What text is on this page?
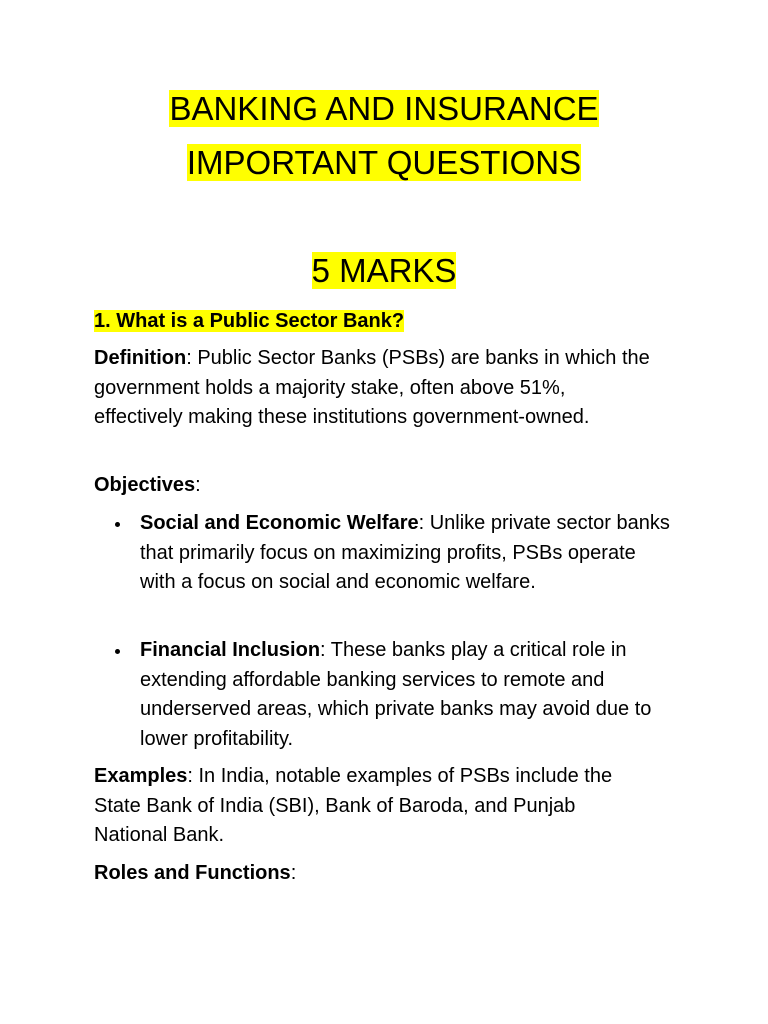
BANKING AND INSURANCE
IMPORTANT QUESTIONS
5 MARKS
1. What is a Public Sector Bank?
Definition: Public Sector Banks (PSBs) are banks in which the government holds a majority stake, often above 51%, effectively making these institutions government-owned.
Objectives:
Social and Economic Welfare: Unlike private sector banks that primarily focus on maximizing profits, PSBs operate with a focus on social and economic welfare.
Financial Inclusion: These banks play a critical role in extending affordable banking services to remote and underserved areas, which private banks may avoid due to lower profitability.
Examples: In India, notable examples of PSBs include the State Bank of India (SBI), Bank of Baroda, and Punjab National Bank.
Roles and Functions:
